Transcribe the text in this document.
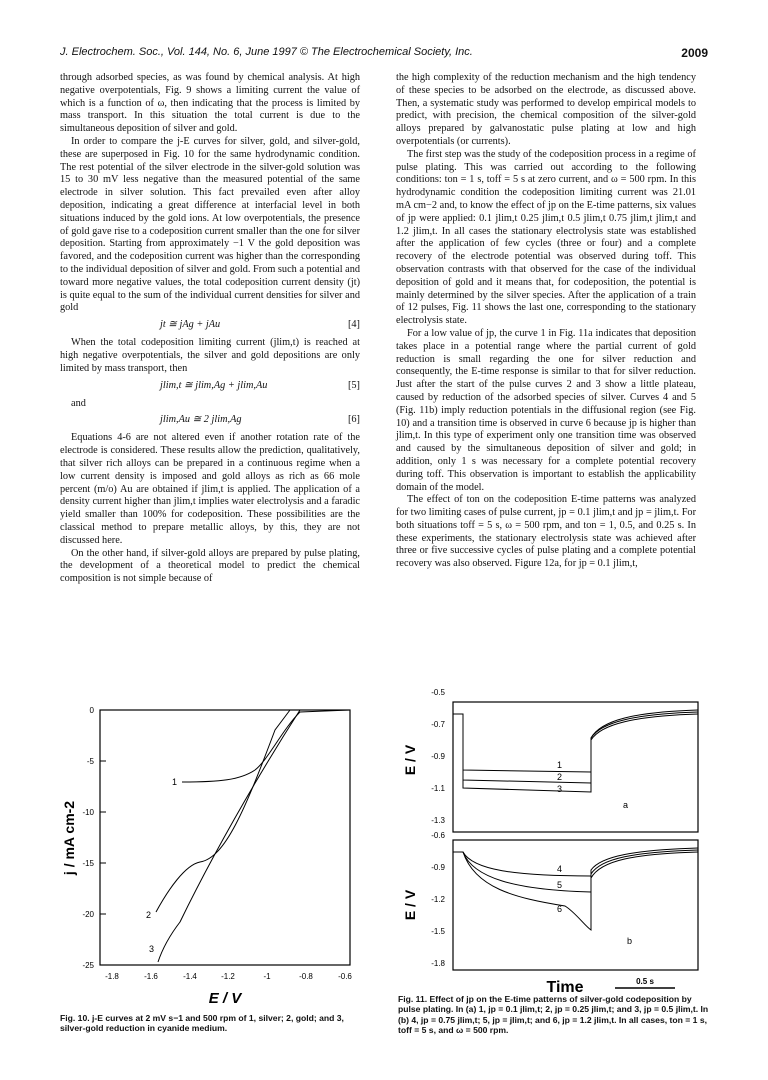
J. Electrochem. Soc., Vol. 144, No. 6, June 1997 © The Electrochemical Society, Inc.	2009

through adsorbed species, as was found by chemical analysis. At high negative overpotentials, Fig. 9 shows a limiting current the value of which is a function of ω, then indicating that the process is limited by mass transport. In this situation the total current is due to the simultaneous deposition of silver and gold.

In order to compare the j-E curves for silver, gold, and silver-gold, these are superposed in Fig. 10 for the same hydrodynamic condition. The rest potential of the silver electrode in the silver-gold solution was 15 to 30 mV less negative than the measured potential of the same electrode in silver solution. This fact prevailed even after alloy deposition, indicating a great difference at interfacial level in both situations induced by the gold ions. At low overpotentials, the presence of gold gave rise to a codeposition current smaller than the one for silver deposition. Starting from approximately −1 V the gold deposition was favored, and the codeposition current was higher than the corresponding to the individual deposition of silver and gold. From such a potential and toward more negative values, the total codeposition current density (jt) is quite equal to the sum of the individual current densities for silver and gold

jt ≅ jAg + jAu	[4]

When the total codeposition limiting current (jlim,t) is reached at high negative overpotentials, the silver and gold depositions are only limited by mass transport, then

jlim,t ≅ jlim,Ag + jlim,Au	[5]

and

jlim,Au ≅ 2 jlim,Ag	[6]

Equations 4-6 are not altered even if another rotation rate of the electrode is considered. These results allow the prediction, qualitatively, that silver rich alloys can be prepared in a continuous regime when a low current density is imposed and gold alloys as rich as 66 mole percent (m/o) Au are obtained if jlim,t is applied. The application of a density current higher than jlim,t implies water electrolysis and a faradic yield smaller than 100% for codeposition. These possibilities are the classical method to prepare metallic alloys, by this, they are not discussed here.

On the other hand, if silver-gold alloys are prepared by pulse plating, the development of a theoretical model to predict the chemical composition is not simple because of

the high complexity of the reduction mechanism and the high tendency of these species to be adsorbed on the electrode, as discussed above. Then, a systematic study was performed to develop empirical models to predict, with precision, the chemical composition of the silver-gold alloys prepared by galvanostatic pulse plating at low and high overpotentials (or currents).

The first step was the study of the codeposition process in a regime of pulse plating. This was carried out according to the following conditions: ton = 1 s, toff = 5 s at zero current, and ω = 500 rpm. In this hydrodynamic condition the codeposition limiting current was 21.01 mA cm−2 and, to know the effect of jp on the E-time patterns, six values of jp were applied: 0.1 jlim,t 0.25 jlim,t 0.5 jlim,t 0.75 jlim,t jlim,t and 1.2 jlim,t. In all cases the stationary electrolysis state was established after the application of few cycles (three or four) and a complete recovery of the electrode potential was observed during toff. This observation contrasts with that observed for the case of the individual deposition of gold and it means that, for codeposition, the potential is mainly determined by the silver species. After the application of a train of 12 pulses, Fig. 11 shows the last one, corresponding to the stationary electrolysis state.

For a low value of jp, the curve 1 in Fig. 11a indicates that deposition takes place in a potential range where the partial current of gold reduction is small regarding the one for silver reduction and consequently, the E-time response is similar to that for silver reduction. Just after the start of the pulse curves 2 and 3 show a little plateau, caused by reduction of the adsorbed species of silver. Curves 4 and 5 (Fig. 11b) imply reduction potentials in the diffusional region (see Fig. 10) and a transition time is observed in curve 6 because jp is higher than jlim,t. In this type of experiment only one transition time was observed and caused by the simultaneous deposition of silver and gold; in addition, only 1 s was necessary for a complete potential recovery during toff. This observation is important to establish the applicability domain of the model.

The effect of ton on the codeposition E-time patterns was analyzed for two limiting cases of pulse current, jp = 0.1 jlim,t and jp = jlim,t. For both situations toff = 5 s, ω = 500 rpm, and ton = 1, 0.5, and 0.25 s. In these experiments, the stationary electrolysis state was achieved after three or five successive cycles of pulse plating and a complete potential recovery was also observed. Figure 12a, for jp = 0.1 jlim,t,

0
-5
-10
-15
-20
-25
-1.8	-1.6	-1.4	-1.2	-1	-0.8	-0.6
j / mA cm-2
E / V
1
2
3
-0.5
-0.7
-0.9
-1.1
-1.3
E / V	1
2
3
a
-0.6
-0.9
-1.2
-1.5
-1.8
E / V
4
5
6
b
Time	0.5 s
Fig. 10. j-E curves at 2 mV s−1 and 500 rpm of 1, silver; 2, gold; and 3, silver-gold reduction in cyanide medium.
Fig. 11. Effect of jp on the E-time patterns of silver-gold codeposition by pulse plating. In (a) 1, jp = 0.1 jlim,t; 2, jp = 0.25 jlim,t; and 3, jp = 0.5 jlim,t. In (b) 4, jp = 0.75 jlim,t; 5, jp = jlim,t; and 6, jp = 1.2 jlim,t. In all cases, ton = 1 s, toff = 5 s, and ω = 500 rpm.
